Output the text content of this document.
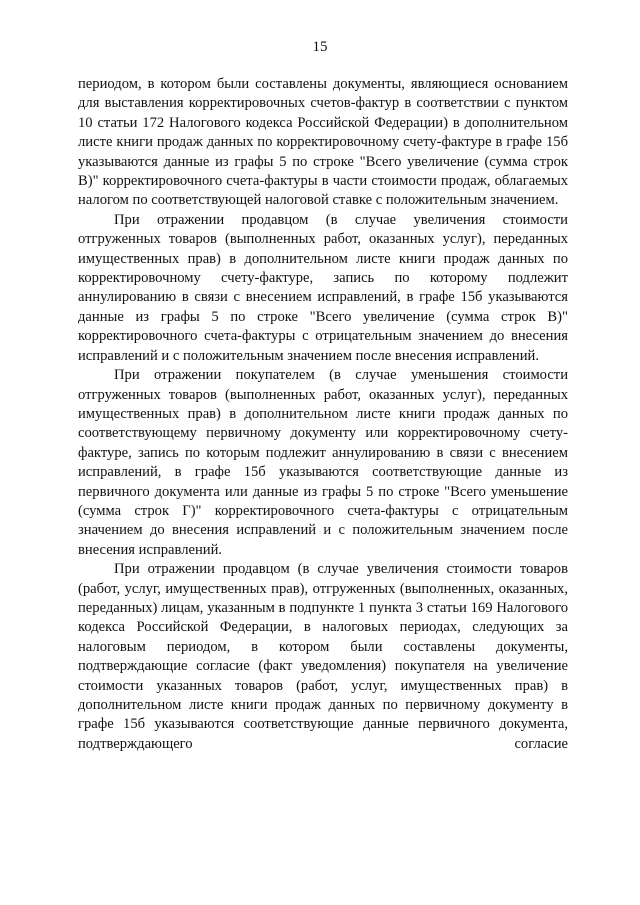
15

периодом, в котором были составлены документы, являющиеся основанием для выставления корректировочных счетов-фактур в соответствии с пунктом 10 статьи 172 Налогового кодекса Российской Федерации) в дополнительном листе книги продаж данных по корректировочному счету-фактуре в графе 15б указываются данные из графы 5 по строке "Всего увеличение (сумма строк В)" корректировочного счета-фактуры в части стоимости продаж, облагаемых налогом по соответствующей налоговой ставке с положительным значением.

При отражении продавцом (в случае увеличения стоимости отгруженных товаров (выполненных работ, оказанных услуг), переданных имущественных прав) в дополнительном листе книги продаж данных по корректировочному счету-фактуре, запись по которому подлежит аннулированию в связи с внесением исправлений, в графе 15б указываются данные из графы 5 по строке "Всего увеличение (сумма строк В)" корректировочного счета-фактуры с отрицательным значением до внесения исправлений и с положительным значением после внесения исправлений.

При отражении покупателем (в случае уменьшения стоимости отгруженных товаров (выполненных работ, оказанных услуг), переданных имущественных прав) в дополнительном листе книги продаж данных по соответствующему первичному документу или корректировочному счету-фактуре, запись по которым подлежит аннулированию в связи с внесением исправлений, в графе 15б указываются соответствующие данные из первичного документа или данные из графы 5 по строке "Всего уменьшение (сумма строк Г)" корректировочного счета-фактуры с отрицательным значением до внесения исправлений и с положительным значением после внесения исправлений.

При отражении продавцом (в случае увеличения стоимости товаров (работ, услуг, имущественных прав), отгруженных (выполненных, оказанных, переданных) лицам, указанным в подпункте 1 пункта 3 статьи 169 Налогового кодекса Российской Федерации, в налоговых периодах, следующих за налоговым периодом, в котором были составлены документы, подтверждающие согласие (факт уведомления) покупателя на увеличение стоимости указанных товаров (работ, услуг, имущественных прав) в дополнительном листе книги продаж данных по первичному документу в графе 15б указываются соответствующие данные первичного документа, подтверждающего согласие
